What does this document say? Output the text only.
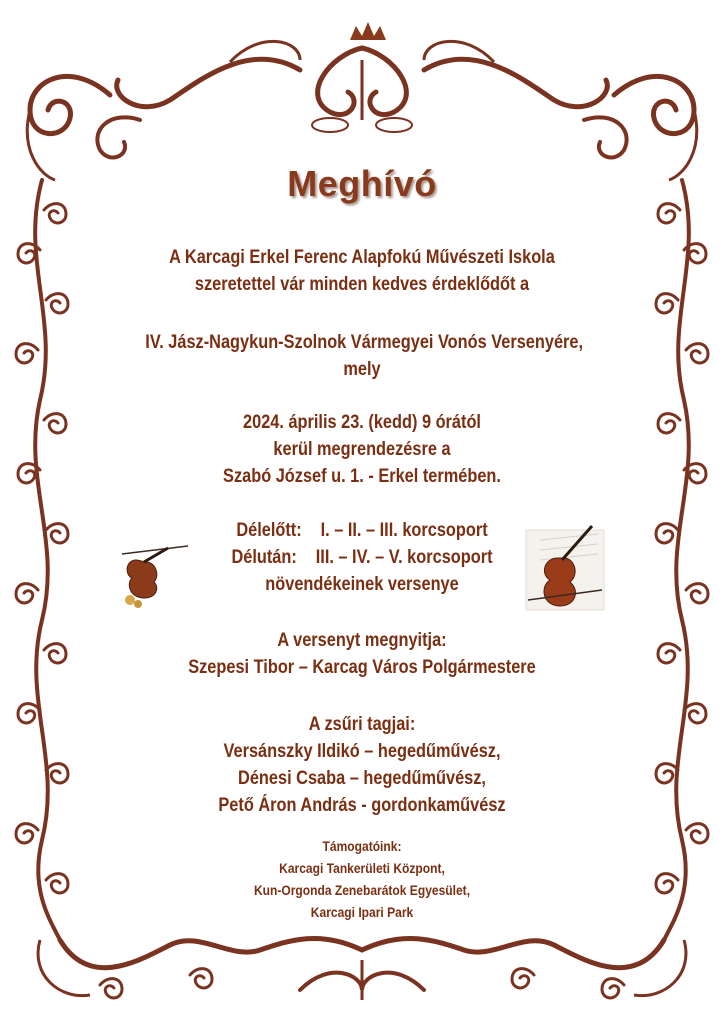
Meghívó
A Karcagi Erkel Ferenc Alapfokú Művészeti Iskola
szeretettel vár minden kedves érdeklődőt a
IV. Jász-Nagykun-Szolnok Vármegyei Vonós Versenyére,
mely
2024. április 23. (kedd) 9 órától
kerül megrendezésre a
Szabó József u. 1. - Erkel termében.
Délelőtt: I. – II. – III. korcsoport
Délután: III. – IV. – V. korcsoport
növendékeinek versenye
A versenyt megnyitja:
Szepesi Tibor – Karcag Város Polgármestere
A zsűri tagjai:
Versánszky Ildikó – hegedűművész,
Dénesi Csaba – hegedűművész,
Pető Áron András - gordonkaművész
Támogatóink:
Karcagi Tankerületi Központ,
Kun-Orgonda Zenebarátok Egyesület,
Karcagi Ipari Park
